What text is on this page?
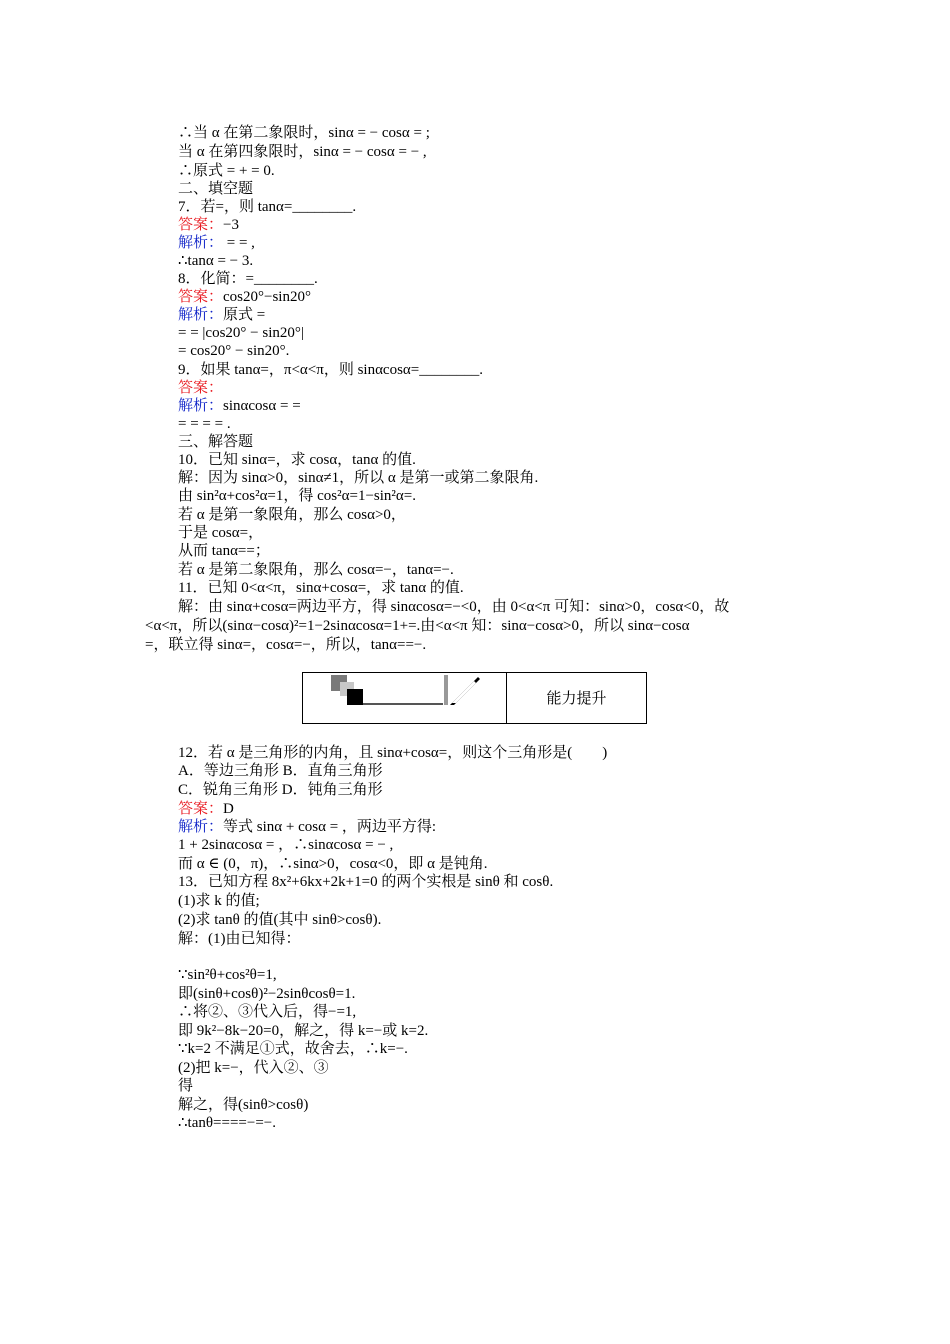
∴当 α 在第二象限时，sinα = − cosα = ;
当 α 在第四象限时，sinα = − cosα = − ,
∴原式 = + = 0.
二、填空题
7．若=，则 tanα=________.
答案：−3
解析： = = ,
∴tanα = − 3.
8．化简：=________.
答案：cos20°−sin20°
解析：原式 =
= = |cos20° − sin20°|
= cos20° − sin20°.
9．如果 tanα=，π<α<π，则 sinαcosα=________.
答案：
解析：sinαcosα = =
= = = = .
三、解答题
10．已知 sinα=，求 cosα，tanα 的值.
解：因为 sinα>0，sinα≠1，所以 α 是第一或第二象限角.
由 sin²α+cos²α=1，得 cos²α=1−sin²α=.
若 α 是第一象限角，那么 cosα>0，
于是 cosα=，
从而 tanα==；
若 α 是第二象限角，那么 cosα=−，tanα=−.
11．已知 0<α<π，sinα+cosα=，求 tanα 的值.
解：由 sinα+cosα=两边平方，得 sinαcosα=−<0，由 0<α<π 可知：sinα>0，cosα<0，故
<α<π，所以(sinα−cosα)²=1−2sinαcosα=1+=.由<α<π 知：sinα−cosα>0，所以 sinα−cosα
=，联立得 sinα=，cosα=−，所以，tanα==−.
12．若 α 是三角形的内角，且 sinα+cosα=，则这个三角形是(　　)
A．等边三角形 B．直角三角形
C．锐角三角形 D．钝角三角形
答案：D
解析：等式 sinα + cosα = ，两边平方得:
1 + 2sinαcosα = ，∴sinαcosα = − ,
而 α ∈ (0，π)，∴sinα>0，cosα<0，即 α 是钝角.
13．已知方程 8x²+6kx+2k+1=0 的两个实根是 sinθ 和 cosθ.
(1)求 k 的值;
(2)求 tanθ 的值(其中 sinθ>cosθ).
解：(1)由已知得：
∵sin²θ+cos²θ=1,
即(sinθ+cosθ)²−2sinθcosθ=1.
∴将②、③代入后，得−=1,
即 9k²−8k−20=0，解之，得 k=−或 k=2.
∵k=2 不满足①式，故舍去，∴k=−.
(2)把 k=−，代入②、③
得
解之，得(sinθ>cosθ)
∴tanθ====−=−.
能力提升
